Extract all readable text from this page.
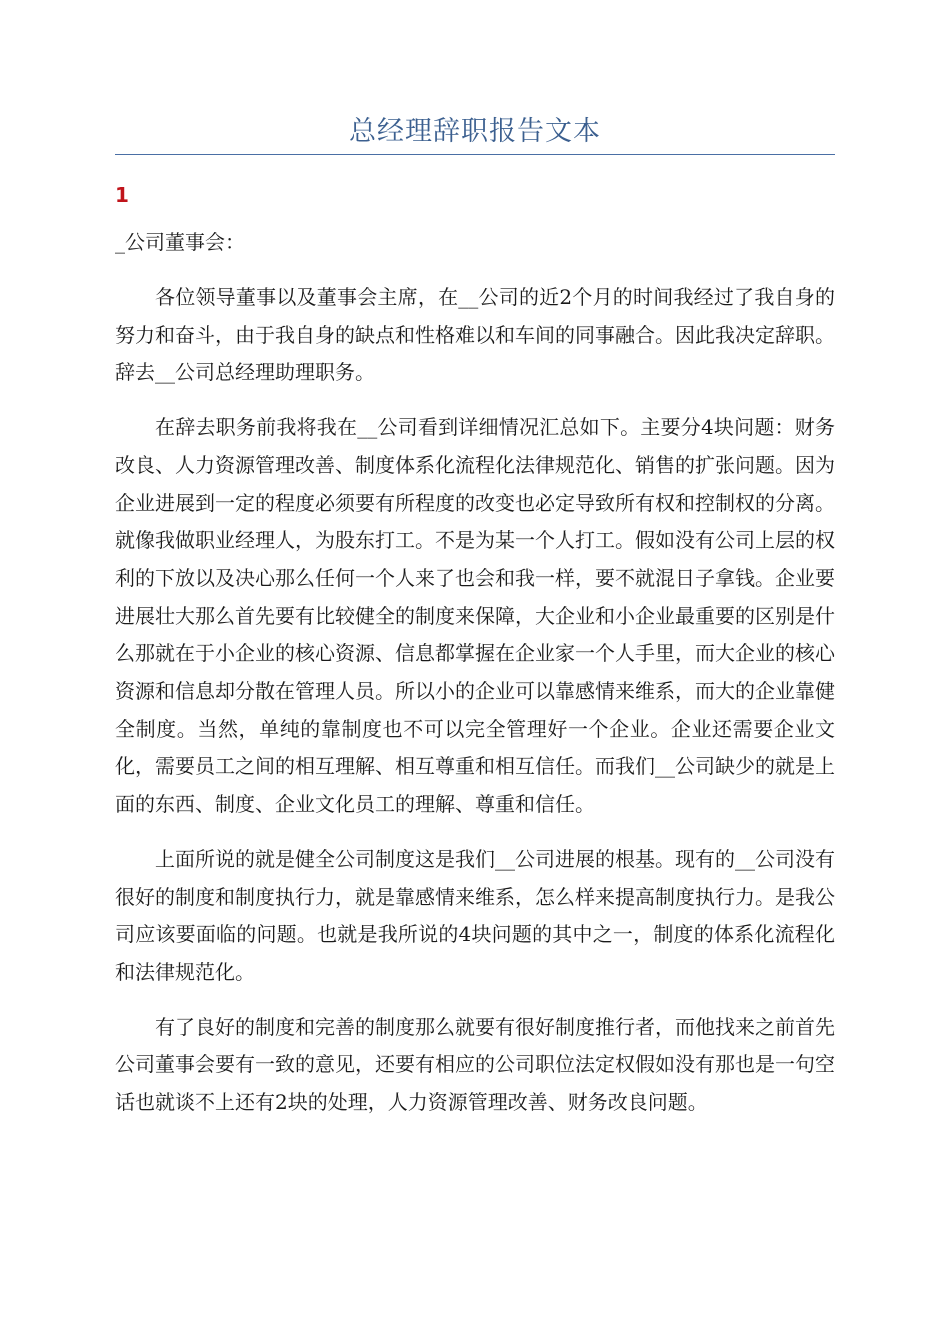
总经理辞职报告文本
1
_公司董事会：

各位领导董事以及董事会主席，在__公司的近2个月的时间我经过了我自身的努力和奋斗，由于我自身的缺点和性格难以和车间的同事融合。因此我决定辞职。辞去__公司总经理助理职务。

在辞去职务前我将我在__公司看到详细情况汇总如下。主要分4块问题：财务改良、人力资源管理改善、制度体系化流程化法律规范化、销售的扩张问题。因为企业进展到一定的程度必须要有所程度的改变也必定导致所有权和控制权的分离。就像我做职业经理人，为股东打工。不是为某一个人打工。假如没有公司上层的权利的下放以及决心那么任何一个人来了也会和我一样，要不就混日子拿钱。企业要进展壮大那么首先要有比较健全的制度来保障，大企业和小企业最重要的区别是什么那就在于小企业的核心资源、信息都掌握在企业家一个人手里，而大企业的核心资源和信息却分散在管理人员。所以小的企业可以靠感情来维系，而大的企业靠健全制度。当然，单纯的靠制度也不可以完全管理好一个企业。企业还需要企业文化，需要员工之间的相互理解、相互尊重和相互信任。而我们__公司缺少的就是上面的东西、制度、企业文化员工的理解、尊重和信任。

上面所说的就是健全公司制度这是我们__公司进展的根基。现有的__公司没有很好的制度和制度执行力，就是靠感情来维系，怎么样来提高制度执行力。是我公司应该要面临的问题。也就是我所说的4块问题的其中之一，制度的体系化流程化和法律规范化。

有了良好的制度和完善的制度那么就要有很好制度推行者，而他找来之前首先公司董事会要有一致的意见，还要有相应的公司职位法定权假如没有那也是一句空话也就谈不上还有2块的处理，人力资源管理改善、财务改良问题。
